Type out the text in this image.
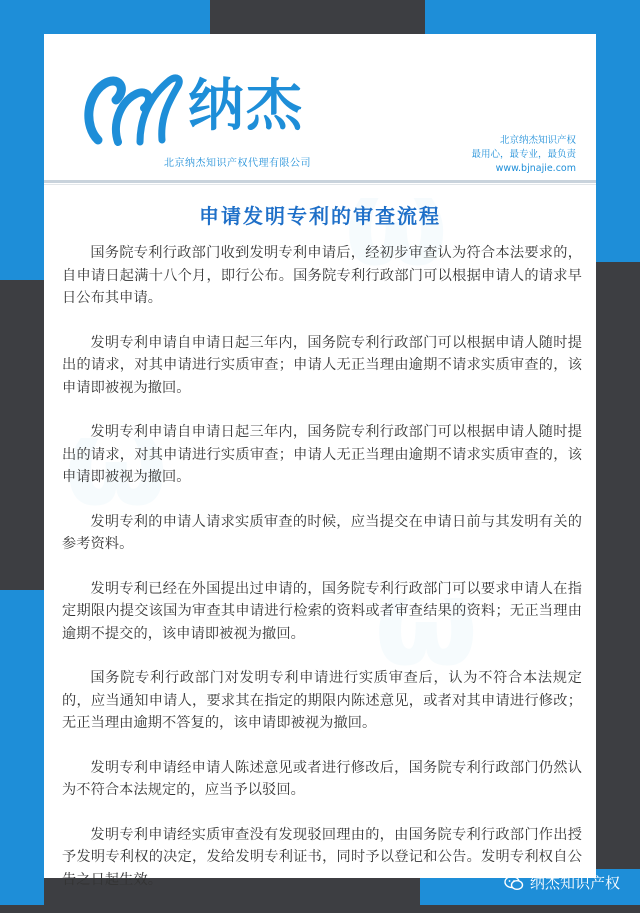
纳杰
北京纳杰知识产权代理有限公司
北京纳杰知识产权
最用心，最专业，最负责
www.bjnajie.com
申请发明专利的审查流程

国务院专利行政部门收到发明专利申请后，经初步审查认为符合本法要求的，自申请日起满十八个月，即行公布。国务院专利行政部门可以根据申请人的请求早日公布其申请。

发明专利申请自申请日起三年内，国务院专利行政部门可以根据申请人随时提出的请求，对其申请进行实质审查；申请人无正当理由逾期不请求实质审查的，该申请即被视为撤回。

发明专利申请自申请日起三年内，国务院专利行政部门可以根据申请人随时提出的请求，对其申请进行实质审查；申请人无正当理由逾期不请求实质审查的，该申请即被视为撤回。

发明专利的申请人请求实质审查的时候，应当提交在申请日前与其发明有关的参考资料。

发明专利已经在外国提出过申请的，国务院专利行政部门可以要求申请人在指定期限内提交该国为审查其申请进行检索的资料或者审查结果的资料；无正当理由逾期不提交的，该申请即被视为撤回。

国务院专利行政部门对发明专利申请进行实质审查后，认为不符合本法规定的，应当通知申请人，要求其在指定的期限内陈述意见，或者对其申请进行修改；无正当理由逾期不答复的，该申请即被视为撤回。

发明专利申请经申请人陈述意见或者进行修改后，国务院专利行政部门仍然认为不符合本法规定的，应当予以驳回。

发明专利申请经实质审查没有发现驳回理由的，由国务院专利行政部门作出授予发明专利权的决定，发给发明专利证书，同时予以登记和公告。发明专利权自公告之日起生效。	纳杰知识产权
